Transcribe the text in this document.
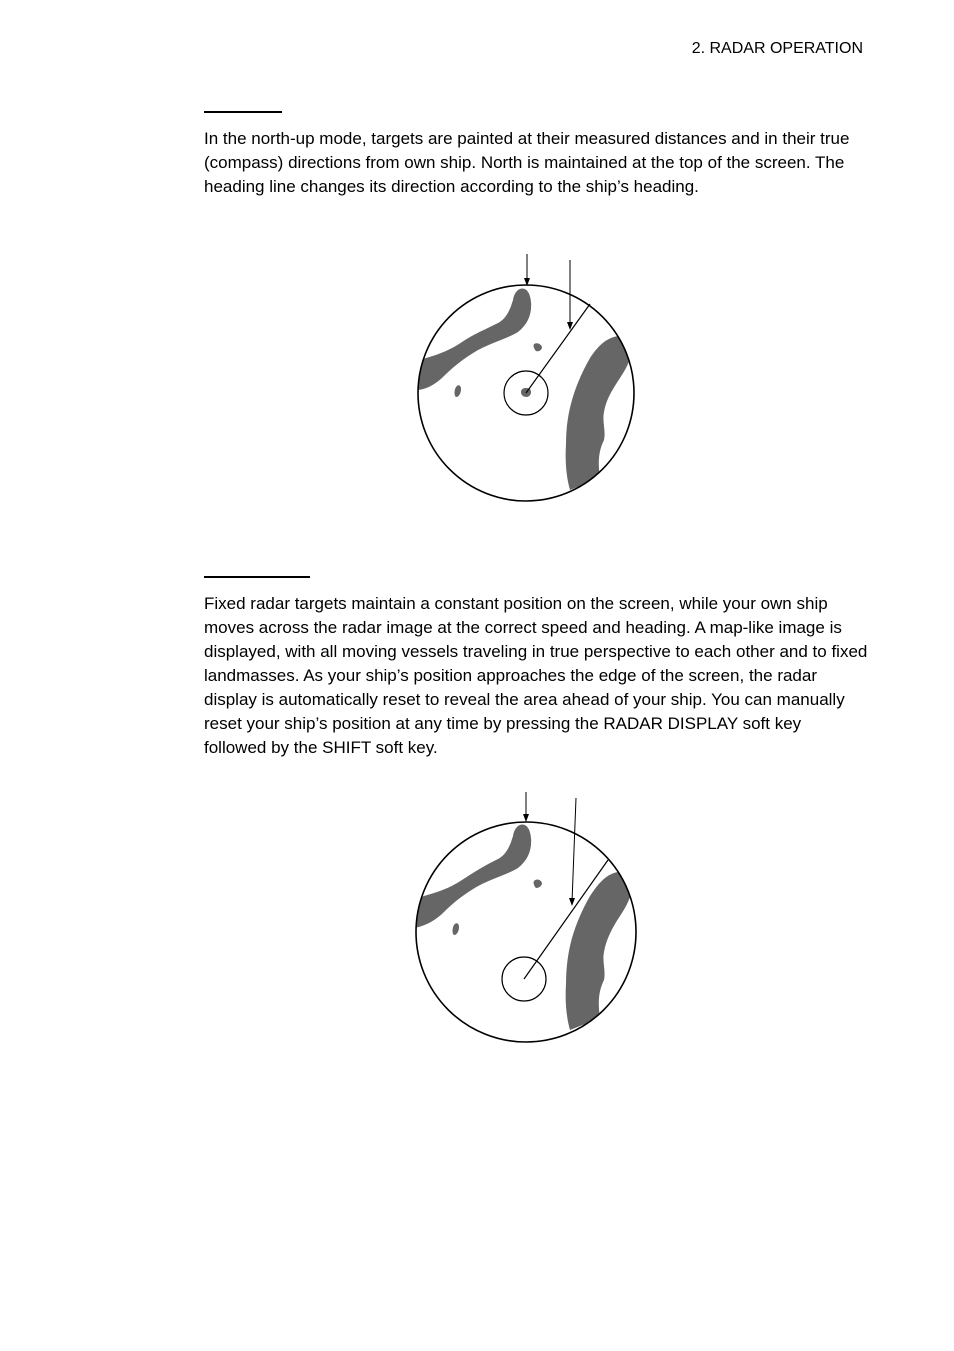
2. RADAR OPERATION

In the north-up mode, targets are painted at their measured distances and in their true (compass) directions from own ship. North is maintained at the top of the screen. The heading line changes its direction according to the ship’s heading.

Fixed radar targets maintain a constant position on the screen, while your own ship moves across the radar image at the correct speed and heading. A map-like image is displayed, with all moving vessels traveling in true perspective to each other and to fixed landmasses. As your ship’s position approaches the edge of the screen, the radar display is automatically reset to reveal the area ahead of your ship. You can manually reset your ship’s position at any time by pressing the RADAR DISPLAY soft key followed by the SHIFT soft key.
